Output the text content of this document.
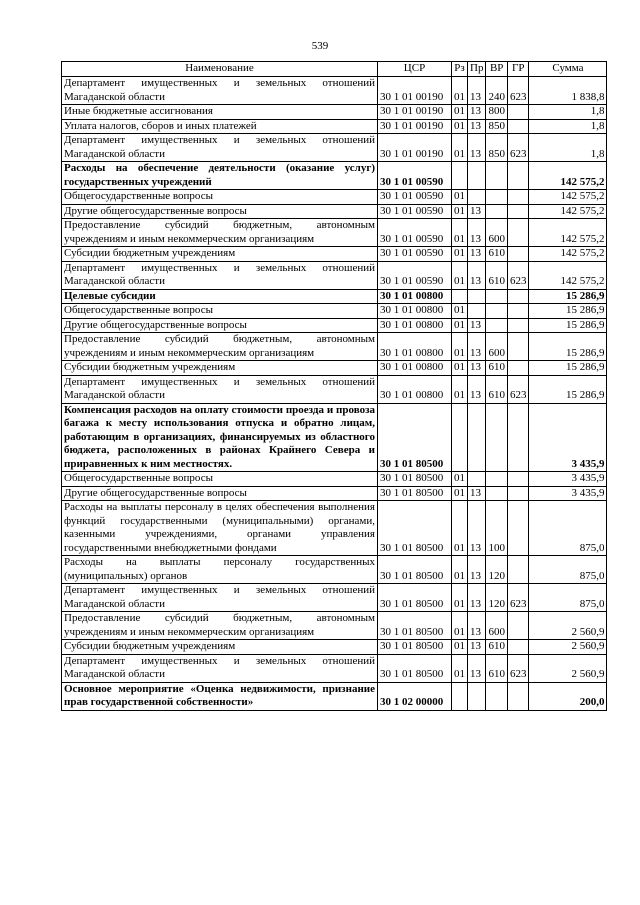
539
Наименование	ЦСР	Рз	Пр	ВР	ГР	Сумма
Департамент имущественных и земельных отношений Магаданской области	30 1 01 00190	01	13	240	623	1 838,8
Иные бюджетные ассигнования	30 1 01 00190	01	13	800		1,8
Уплата налогов, сборов и иных платежей	30 1 01 00190	01	13	850		1,8
Департамент имущественных и земельных отношений Магаданской области	30 1 01 00190	01	13	850	623	1,8
Расходы на обеспечение деятельности (оказание услуг) государственных учреждений	30 1 01 00590					142 575,2
Общегосударственные вопросы	30 1 01 00590	01				142 575,2
Другие общегосударственные вопросы	30 1 01 00590	01	13			142 575,2
Предоставление субсидий бюджетным, автономным учреждениям и иным некоммерческим организациям	30 1 01 00590	01	13	600		142 575,2
Субсидии бюджетным учреждениям	30 1 01 00590	01	13	610		142 575,2
Департамент имущественных и земельных отношений Магаданской области	30 1 01 00590	01	13	610	623	142 575,2
Целевые субсидии	30 1 01 00800					15 286,9
Общегосударственные вопросы	30 1 01 00800	01				15 286,9
Другие общегосударственные вопросы	30 1 01 00800	01	13			15 286,9
Предоставление субсидий бюджетным, автономным учреждениям и иным некоммерческим организациям	30 1 01 00800	01	13	600		15 286,9
Субсидии бюджетным учреждениям	30 1 01 00800	01	13	610		15 286,9
Департамент имущественных и земельных отношений Магаданской области	30 1 01 00800	01	13	610	623	15 286,9
Компенсация расходов на оплату стоимости проезда и провоза багажа к месту использования отпуска и обратно лицам, работающим в организациях, финансируемых из областного бюджета, расположенных в районах Крайнего Севера и приравненных к ним местностях.	30 1 01 80500					3 435,9
Общегосударственные вопросы	30 1 01 80500	01				3 435,9
Другие общегосударственные вопросы	30 1 01 80500	01	13			3 435,9
Расходы на выплаты персоналу в целях обеспечения выполнения функций государственными (муниципальными) органами, казенными учреждениями, органами управления государственными внебюджетными фондами	30 1 01 80500	01	13	100		875,0
Расходы на выплаты персоналу государственных (муниципальных) органов	30 1 01 80500	01	13	120		875,0
Департамент имущественных и земельных отношений Магаданской области	30 1 01 80500	01	13	120	623	875,0
Предоставление субсидий бюджетным, автономным учреждениям и иным некоммерческим организациям	30 1 01 80500	01	13	600		2 560,9
Субсидии бюджетным учреждениям	30 1 01 80500	01	13	610		2 560,9
Департамент имущественных и земельных отношений Магаданской области	30 1 01 80500	01	13	610	623	2 560,9
Основное мероприятие «Оценка недвижимости, признание прав государственной собственности»	30 1 02 00000					200,0
